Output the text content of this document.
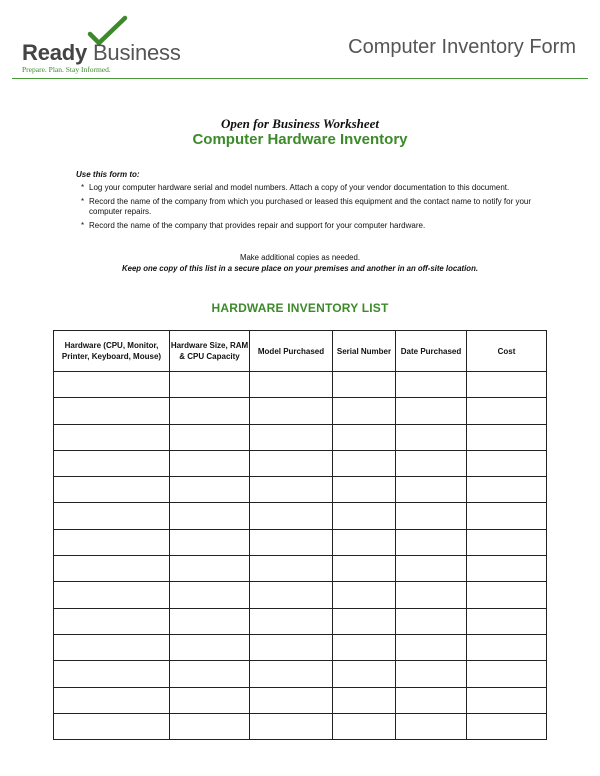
Ready Business
Prepare. Plan. Stay Informed.
Computer Inventory Form
Open for Business Worksheet
Computer Hardware Inventory
Use this form to:
* Log your computer hardware serial and model numbers. Attach a copy of your vendor documentation to this document.
* Record the name of the company from which you purchased or leased this equipment and the contact name to notify for your computer repairs.
* Record the name of the company that provides repair and support for your computer hardware.
Make additional copies as needed.
Keep one copy of this list in a secure place on your premises and another in an off-site location.
HARDWARE INVENTORY LIST
Hardware (CPU, Monitor, Printer, Keyboard, Mouse)	Hardware Size, RAM & CPU Capacity	Model Purchased	Serial Number	Date Purchased	Cost
